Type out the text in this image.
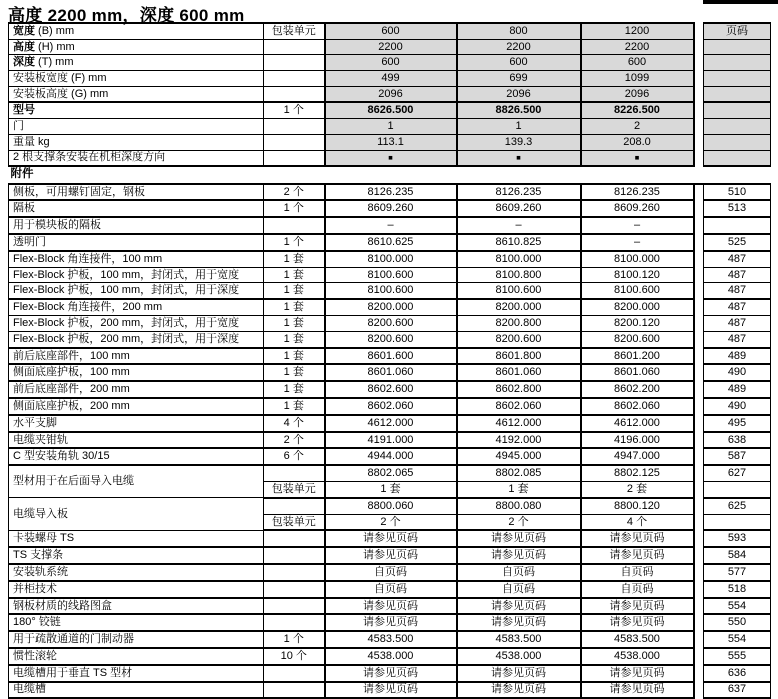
高度 2200 mm，深度 600 mm
宽度 (B) mm	包装单元	600	800	1200		页码
高度 (H) mm		2200	2200	2200		
深度 (T) mm		600	600	600		
安装板宽度 (F) mm		499	699	1099		
安装板高度 (G) mm		2096	2096	2096		
型号	1 个	8626.500	8826.500	8226.500		
门		1	1	2		
重量 kg		113.1	139.3	208.0		
2 根支撑条安装在机柜深度方向		■	■	■		
附件						
侧板，可用螺钉固定，钢板	2 个	8126.235	8126.235	8126.235		510
隔板	1 个	8609.260	8609.260	8609.260		513
用于模块板的隔板		–	–	–		
透明门	1 个	8610.625	8610.825	–		525
Flex-Block 角连接件，100 mm	1 套	8100.000	8100.000	8100.000		487
Flex-Block 护板，100 mm，封闭式，用于宽度	1 套	8100.600	8100.800	8100.120		487
Flex-Block 护板，100 mm，封闭式，用于深度	1 套	8100.600	8100.600	8100.600		487
Flex-Block 角连接件，200 mm	1 套	8200.000	8200.000	8200.000		487
Flex-Block 护板，200 mm，封闭式，用于宽度	1 套	8200.600	8200.800	8200.120		487
Flex-Block 护板，200 mm，封闭式，用于深度	1 套	8200.600	8200.600	8200.600		487
前后底座部件，100 mm	1 套	8601.600	8601.800	8601.200		489
侧面底座护板，100 mm	1 套	8601.060	8601.060	8601.060		490
前后底座部件，200 mm	1 套	8602.600	8602.800	8602.200		489
侧面底座护板，200 mm	1 套	8602.060	8602.060	8602.060		490
水平支脚	4 个	4612.000	4612.000	4612.000		495
电缆夹钳轨	2 个	4191.000	4192.000	4196.000		638
C 型安装角轨 30/15	6 个	4944.000	4945.000	4947.000		587
型材用于在后面导入电缆		8802.065	8802.085	8802.125		627
	包装单元	1 套	1 套	2 套		
电缆导入板		8800.060	8800.080	8800.120		625
	包装单元	2 个	2 个	4 个		
卡装螺母 TS		请参见页码	请参见页码	请参见页码		593
TS 支撑条		请参见页码	请参见页码	请参见页码		584
安装轨系统		自页码	自页码	自页码		577
并柜技术		自页码	自页码	自页码		518
钢板材质的线路图盒		请参见页码	请参见页码	请参见页码		554
180° 铰链		请参见页码	请参见页码	请参见页码		550
用于疏散通道的门制动器	1 个	4583.500	4583.500	4583.500		554
惯性滚轮	10 个	4538.000	4538.000	4538.000		555
电缆槽用于垂直 TS 型材		请参见页码	请参见页码	请参见页码		636
电缆槽		请参见页码	请参见页码	请参见页码		637
